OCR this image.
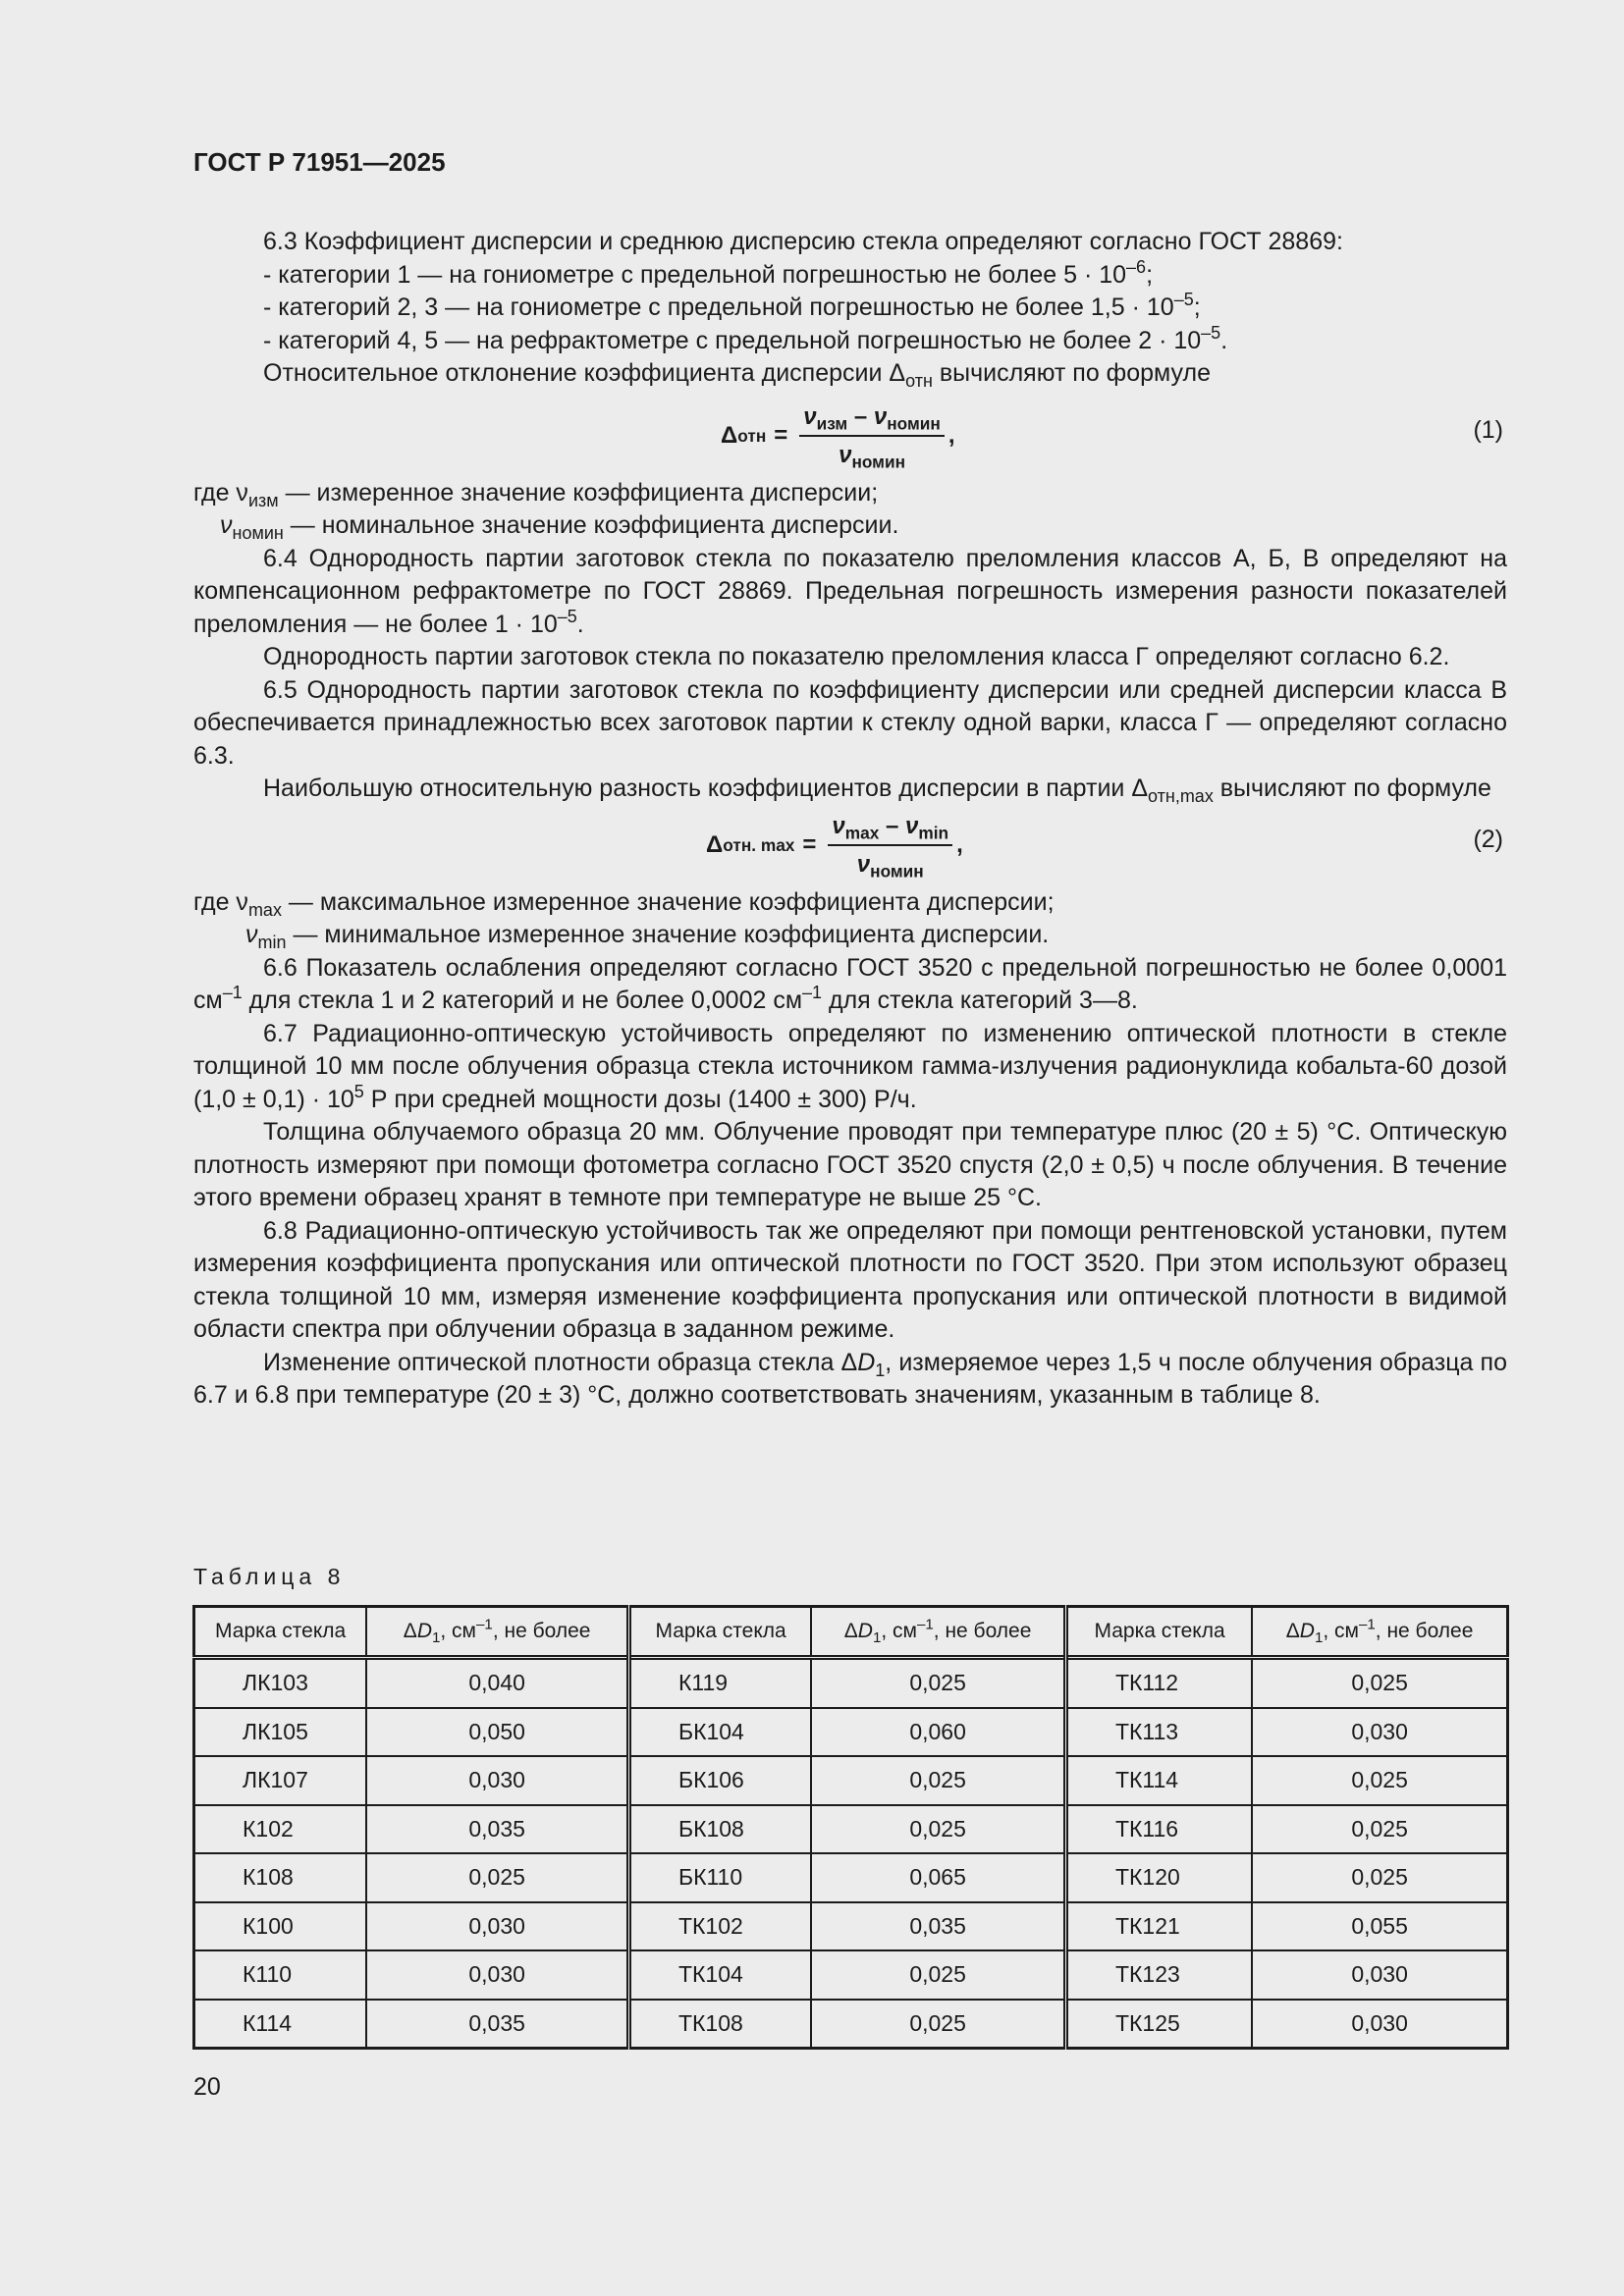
ГОСТ Р 71951—2025

6.3 Коэффициент дисперсии и среднюю дисперсию стекла определяют согласно ГОСТ 28869:

- категории 1 — на гониометре с предельной погрешностью не более $5 \cdot 10^{-6}$;

- категорий 2, 3 — на гониометре с предельной погрешностью не более $1,5 \cdot 10^{-5}$;

- категорий 4, 5 — на рефрактометре с предельной погрешностью не более $2 \cdot 10^{-5}$.

Относительное отклонение коэффициента дисперсии $\Delta_{отн}$ вычисляют по формуле

Δ отн = $\frac{\nu_{изм} - \nu_{номин}}{\nu_{номин}}$ ,	(1)

где $\nu_{изм}$ — измеренное значение коэффициента дисперсии;

$\nu_{номин}$ — номинальное значение коэффициента дисперсии.

6.4 Однородность партии заготовок стекла по показателю преломления классов А, Б, В определяют на компенсационном рефрактометре по ГОСТ 28869. Предельная погрешность измерения разности показателей преломления — не более $1 \cdot 10^{-5}$.

Однородность партии заготовок стекла по показателю преломления класса Г определяют согласно 6.2.

6.5 Однородность партии заготовок стекла по коэффициенту дисперсии или средней дисперсии класса В обеспечивается принадлежностью всех заготовок партии к стеклу одной варки, класса Г — определяют согласно 6.3.

Наибольшую относительную разность коэффициентов дисперсии в партии $\Delta_{отн,max}$ вычисляют по формуле

Δ отн. $\max = \frac{\nu_{max} - \nu_{min}}{\nu_{номин}}$ ,	(2)

где $\nu_{max}$ — максимальное измеренное значение коэффициента дисперсии;

$\nu_{min}$ — минимальное измеренное значение коэффициента дисперсии.

6.6 Показатель ослабления определяют согласно ГОСТ 3520 с предельной погрешностью не более 0,0001 $см^{-1}$ для стекла 1 и 2 категорий и не более 0,0002 $см^{-1}$ для стекла категорий 3—8.

6.7 Радиационно-оптическую устойчивость определяют по изменению оптической плотности в стекле толщиной 10 мм после облучения образца стекла источником гамма-излучения радионуклида кобальта-60 дозой $(1,0 \pm 0,1) \cdot 10^5$ Р при средней мощности дозы (1400 ± 300) Р/ч.

Толщина облучаемого образца 20 мм. Облучение проводят при температуре плюс (20 ± 5) °С. Оптическую плотность измеряют при помощи фотометра согласно ГОСТ 3520 спустя (2,0 ± 0,5) ч после облучения. В течение этого времени образец хранят в темноте при температуре не выше 25 °С.

6.8 Радиационно-оптическую устойчивость так же определяют при помощи рентгеновской установки, путем измерения коэффициента пропускания или оптической плотности по ГОСТ 3520. При этом используют образец стекла толщиной 10 мм, измеряя изменение коэффициента пропускания или оптической плотности в видимой области спектра при облучении образца в заданном режиме.

Изменение оптической плотности образца стекла $\Delta D_1$, измеряемое через 1,5 ч после облучения образца по 6.7 и 6.8 при температуре (20 ± 3) °С, должно соответствовать значениям, указанным в таблице 8.

Таблица 8
Марка стекла	$\Delta D_1$, $см^{-1}$, не более	Марка стекла	$\Delta D_1$, $см^{-1}$, не более	Марка стекла	$\Delta D_1$, $см^{-1}$, не более
ЛК103	0,040	К119	0,025	ТК112	0,025
ЛК105	0,050	БК104	0,060	ТК113	0,030
ЛК107	0,030	БК106	0,025	ТК114	0,025
К102	0,035	БК108	0,025	ТК116	0,025
К108	0,025	БК110	0,065	ТК120	0,025
К100	0,030	ТК102	0,035	ТК121	0,055
К110	0,030	ТК104	0,025	ТК123	0,030
К114	0,035	ТК108	0,025	ТК125	0,030
20
